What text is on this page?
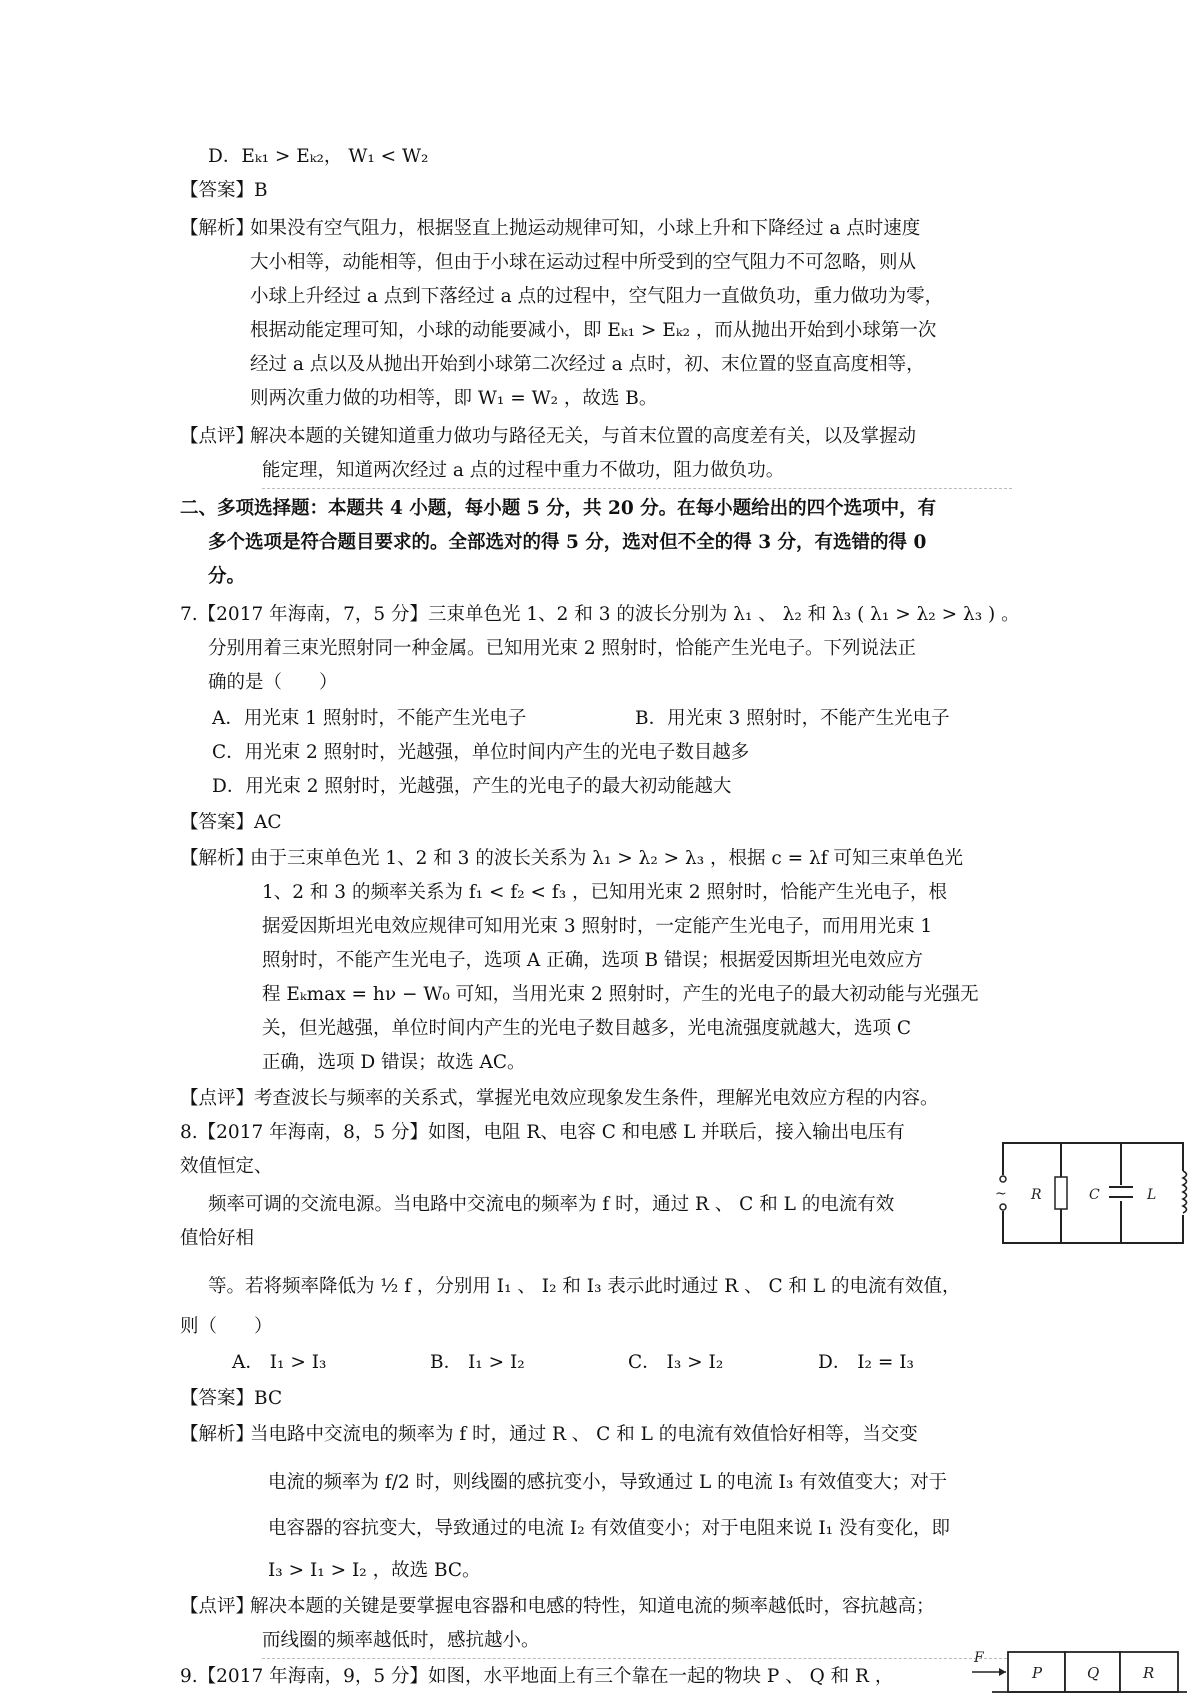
D．Eₖ₁ > Eₖ₂， W₁ < W₂
【答案】B
【解析】
如果没有空气阻力，根据竖直上抛运动规律可知，小球上升和下降经过 a 点时速度
大小相等，动能相等，但由于小球在运动过程中所受到的空气阻力不可忽略，则从
小球上升经过 a 点到下落经过 a 点的过程中，空气阻力一直做负功，重力做功为零，
根据动能定理可知，小球的动能要减小，即 Eₖ₁ > Eₖ₂ ，而从抛出开始到小球第一次
经过 a 点以及从抛出开始到小球第二次经过 a 点时，初、末位置的竖直高度相等，
则两次重力做的功相等，即 W₁ = W₂ ，故选 B。
【点评】
解决本题的关键知道重力做功与路径无关，与首末位置的高度差有关，以及掌握动
能定理，知道两次经过 a 点的过程中重力不做功，阻力做负功。
二、多项选择题：本题共 4 小题，每小题 5 分，共 20 分。在每小题给出的四个选项中，有
多个选项是符合题目要求的。全部选对的得 5 分，选对但不全的得 3 分，有选错的得 0
分。
7.【2017 年海南，7，5 分】三束单色光 1、2 和 3 的波长分别为 λ₁ 、 λ₂ 和 λ₃ ( λ₁ > λ₂ > λ₃ ) 。
分别用着三束光照射同一种金属。已知用光束 2 照射时，恰能产生光电子。下列说法正
确的是（　　）
A．用光束 1 照射时，不能产生光电子	B．用光束 3 照射时，不能产生光电子
C．用光束 2 照射时，光越强，单位时间内产生的光电子数目越多
D．用光束 2 照射时，光越强，产生的光电子的最大初动能越大
【答案】AC
【解析】
由于三束单色光 1、2 和 3 的波长关系为 λ₁ > λ₂ > λ₃ ，根据 c = λf 可知三束单色光
1、2 和 3 的频率关系为 f₁ < f₂ < f₃ ，已知用光束 2 照射时，恰能产生光电子，根
据爱因斯坦光电效应规律可知用光束 3 照射时，一定能产生光电子，而用用光束 1
照射时，不能产生光电子，选项 A 正确，选项 B 错误；根据爱因斯坦光电效应方
程 Eₖmax = hν − W₀ 可知，当用光束 2 照射时，产生的光电子的最大初动能与光强无
关，但光越强，单位时间内产生的光电子数目越多，光电流强度就越大，选项 C
正确，选项 D 错误；故选 AC。
【点评】考查波长与频率的关系式，掌握光电效应现象发生条件，理解光电效应方程的内容。
8.【2017 年海南，8，5 分】如图，电阻 R、电容 C 和电感 L 并联后，接入输出电压有
效值恒定、
频率可调的交流电源。当电路中交流电的频率为 f 时，通过 R 、 C 和 L 的电流有效
值恰好相
等。若将频率降低为 ½ f ，分别用 I₁ 、 I₂ 和 I₃ 表示此时通过 R 、 C 和 L 的电流有效值，
则（　　）
A． I₁ > I₃	B． I₁ > I₂	C． I₃ > I₂	D． I₂ = I₃
【答案】BC
【解析】
当电路中交流电的频率为 f 时，通过 R 、 C 和 L 的电流有效值恰好相等，当交变
电流的频率为 f/2 时，则线圈的感抗变小，导致通过 L 的电流 I₃ 有效值变大；对于
电容器的容抗变大，导致通过的电流 I₂ 有效值变小；对于电阻来说 I₁ 没有变化，即
I₃ > I₁ > I₂ ，故选 BC。
【点评】
解决本题的关键是要掌握电容器和电感的特性，知道电流的频率越低时，容抗越高；
而线圈的频率越低时，感抗越小。
~ R	C	L
9.【2017 年海南，9，5 分】如图，水平地面上有三个靠在一起的物块 P 、 Q 和 R ，
F
P	Q	R
